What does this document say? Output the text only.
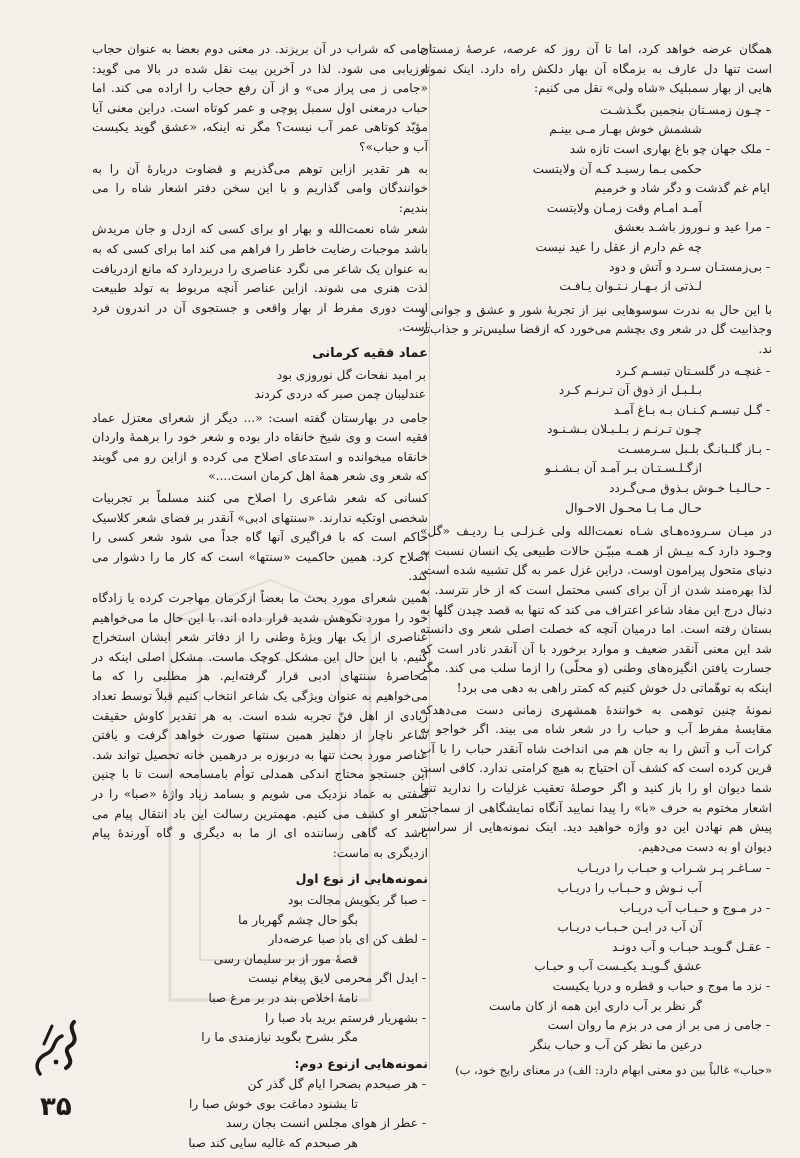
همگان عرضه خواهد کرد، اما تا آن روز که عرصه، عرصهٔ زمستان است تنها دل عارف به بزمگاه آن بهار دلکش راه دارد. اینک نمونه هایی از بهار سمبلیک «شاه ولی» نقل می کنیم:

- چـون زمسـتان بنجمین بگـذشـت

ششمش خوش بهـار مـی بینـم

- ملک جهان چو باغ بهاری است تازه شد

حکمی بـما رسیـد کـه آن ولایتست

ایام غم گذشت و دگر شاد و خرمیم

آمـد امـام وقت زمـان ولایتست

- مرا عید و نـوروز باشـد بعشق

چه غم دارم از عقل را عید نیست

- بی‌زمستـان سـرد و آتش و دود

لـذتی از بـهـار نـتـوان یـافـت

با این حال به ندرت سوسوهایی نیز از تجربهٔ شور و عشق و جوانی و وجذابیت گل در شعر وی بچشم می‌خورد که ازقضا سلیس‌تر و جذاب‌تر ند.

- غنچـه در گلسـتان تبسـم کـرد

بـلـبـل از ذوق آن تـرنـم کـرد

- گـل تبسـم کـنـان بـه بـاغ آمـد

چـون تـرنـم ز بـلـبـلان بـشـنـود

- بـاز گلـبانـگ بلـبل سـرمسـت

ازگـلـسـتـان بـر آمـد آن بـشـنـو

- حـالـیـا خـوش بـذوق مـی‌گـردد

حـال مـا بـا محـول الاحـوال

در میـان سـروده‌هـای شـاه نعمت‌الله ولی غـزلـی بـا ردیـف «گل» وجـود دارد کـه بیـش از همـه مبیّـن حالات طبیعی یک انسان نسبت به دنیای متحول پیرامون اوست. دراین غزل عمر به گل تشبیه شده است، لذا بهره‌مند شدن از آن برای کسی محتمل است که از خار نترسد. به دنبال درج این مفاد شاعر اعتراف می کند که تنها به قصد چیدن گلها به بستان رفته است. اما درمیان آنچه که خصلت اصلی شعر وی دانسته شد این معنی آنقدر ضعیف و موارد برخورد با آن آنقدر نادر است که جسارت یافتن انگیزه‌های وطنی (و محلّی) را ازما سلب می کند. مگر اینکه به توهّماتی دل خوش کنیم که کمتر راهی به دهی می برد!

نمونهٔ چنین توهمی به خوانندهٔ همشهری زمانی دست می‌دهدکه مقایسهٔ مفرط آب و حباب را در شعر شاه می بیند. اگر خواجو به کرات آب و آتش را به جان هم می انداخت شاه آنقدر حباب را با آب قرین کرده است که کشف آن احتیاج به هیچ کرامتی ندارد. کافی است شما دیوان او را باز کنید و اگر حوصلهٔ تعقیب غزلیات را ندارید تنها اشعار مختوم به حرف «با» را پیدا نمایید آنگاه نمایشگاهی از سماجت پیش هم نهادن این دو واژه خواهید دید. اینک نمونه‌هایی از سراسر دیوان او به دست می‌دهیم.

- سـاغـر پـر شـراب و حبـاب را دریـاب

آب نـوش و حـبـاب را دریـاب

- در مـوج و حـبـاب آب دریـاب

آن آب در ایـن حـبـاب دریـاب

- عقـل گـویـد حبـاب و آب دونـد

عشق گـویـد یکیـست آب و حبـاب

- نزد ما موج و حباب و قطره و دریا یکیست

گر نظر بر آب داری این همه از کان ماست

- جامی ز می بر از می در بزم ما روان است

درعین ما نظر کن آب و حباب بنگر

«حباب» غالباً بین دو معنی ابهام دارد: الف) در معنای رایج خود، ب)

جامی که شراب در آن بریزند. در معنی دوم بعضا به عنوان حجاب ارزیابی می شود. لذا در آخرین بیت نقل شده در بالا می گوید: «جامی ز می پراز می» و از آن رفع حجاب را اراده می کند. اما حباب درمعنی اول سمبل پوچی و عمر کوتاه است. دراین معنی آیا مؤیّد کوتاهی عمر آب نیست؟ مگر نه اینکه، «عشق گوید یکیست آب و حباب»؟

به هر تقدیر ازاین توهم می‌گذریم و قضاوت دربارهٔ آن را به خوانندگان وامی گذاریم و با این سخن دفتر اشعار شاه را می بندیم:

شعر شاه نعمت‌الله و بهار او برای کسی که ازدل و جان مریدش باشد موجبات رضایت خاطر را فراهم می کند اما برای کسی که به به عنوان یک شاعر می نگرد عناصری را دربردارد که مانع ازدریافت لذت هنری می شوند. ازاین عناصر آنچه مربوط به تولد طبیعت است دوری مفرط از بهار واقعی و جستجوی آن در اندرون فرد است.

عماد فقیه کرمانی

بر امید نفحات گل نوروزی بود

عندلیبان چمن صبر که دردی کردند

جامی در بهارستان گفته است: «... دیگر از شعرای معتزل عماد فقیه است و وی شیخ خانقاه دار بوده و شعر خود را برهمهٔ واردان خانقاه میخوانده و استدعای اصلاح می کرده و ازاین رو می گویند که شعر وی شعر همهٔ اهل کرمان است....»

کسانی که شعر شاعری را اصلاح می کنند مسلماً بر تجربیات شخصی اوتکیه ندارند. «سنتهای ادبی» آنقدر بر فضای شعر کلاسیک حاکم است که با فراگیری آنها گاه جداً می شود شعر کسی را اصلاح کرد. همین حاکمیت «سنتها» است که کار ما را دشوار می کند.

همین شعرای مورد بحث ما بعضاً ازکرمان مهاجرت کرده یا زادگاه خود را مورد نکوهش شدید قرار داده اند. با این حال ما می‌خواهیم عناصری از یک بهار ویژهٔ وطنی را از دفاتر شعر ایشان استخراج کنیم. با این حال این مشکل کوچک ماست. مشکل اصلی اینکه در محاصرهٔ سنتهای ادبی قرار گرفته‌ایم. هر مطلبی را که ما می‌خواهیم به عنوان ویژگی یک شاعر انتخاب کنیم قبلاً توسط تعداد زیادی از اهل فنّ تجربه شده است. به هر تقدیر کاوش حقیقت شاعر ناچار از دهلیز همین سنتها صورت خواهد گرفت و یافتن عناصر مورد بحث تنها به دربوزه بر درهمین خانه تحصیل تواند شد. این جستجو محتاج اندکی همدلی توأم بامسامحه است تا با چنین صفتی به عماد نزدیک می شویم و بسامد زیاد واژهٔ «صبا» را در شعر او کشف می کنیم. مهمترین رسالت این باد انتقال پیام می باشد که گاهی رساننده ای از ما به دیگری و گاه آورندهٔ پیام ازدیگری به ماست:

نمونه‌هایی از نوع اول

- صبا گر بکویش مجالت بود

بگو حال چشم گهربار ما

- لطف کن ای باد صبا عرضه‌دار

قصهٔ مور از بر سلیمان رسی

- ایدل اگر محرمی لایق پیغام نیست

نامهٔ اخلاص بند در بر مرغ صبا

- بشهریار فرستم برید باد صبا را

مگر بشرح بگوید نیازمندی ما را

نمونه‌هایی ازنوع دوم:

- هر صبحدم بصحرا ایام گل گذر کن

تا بشنود دماغت بوی خوش صبا را

- عطر از هوای مجلس انست بجان رسد

هر صبحدم که غالیه سایی کند صبا

۳۵
